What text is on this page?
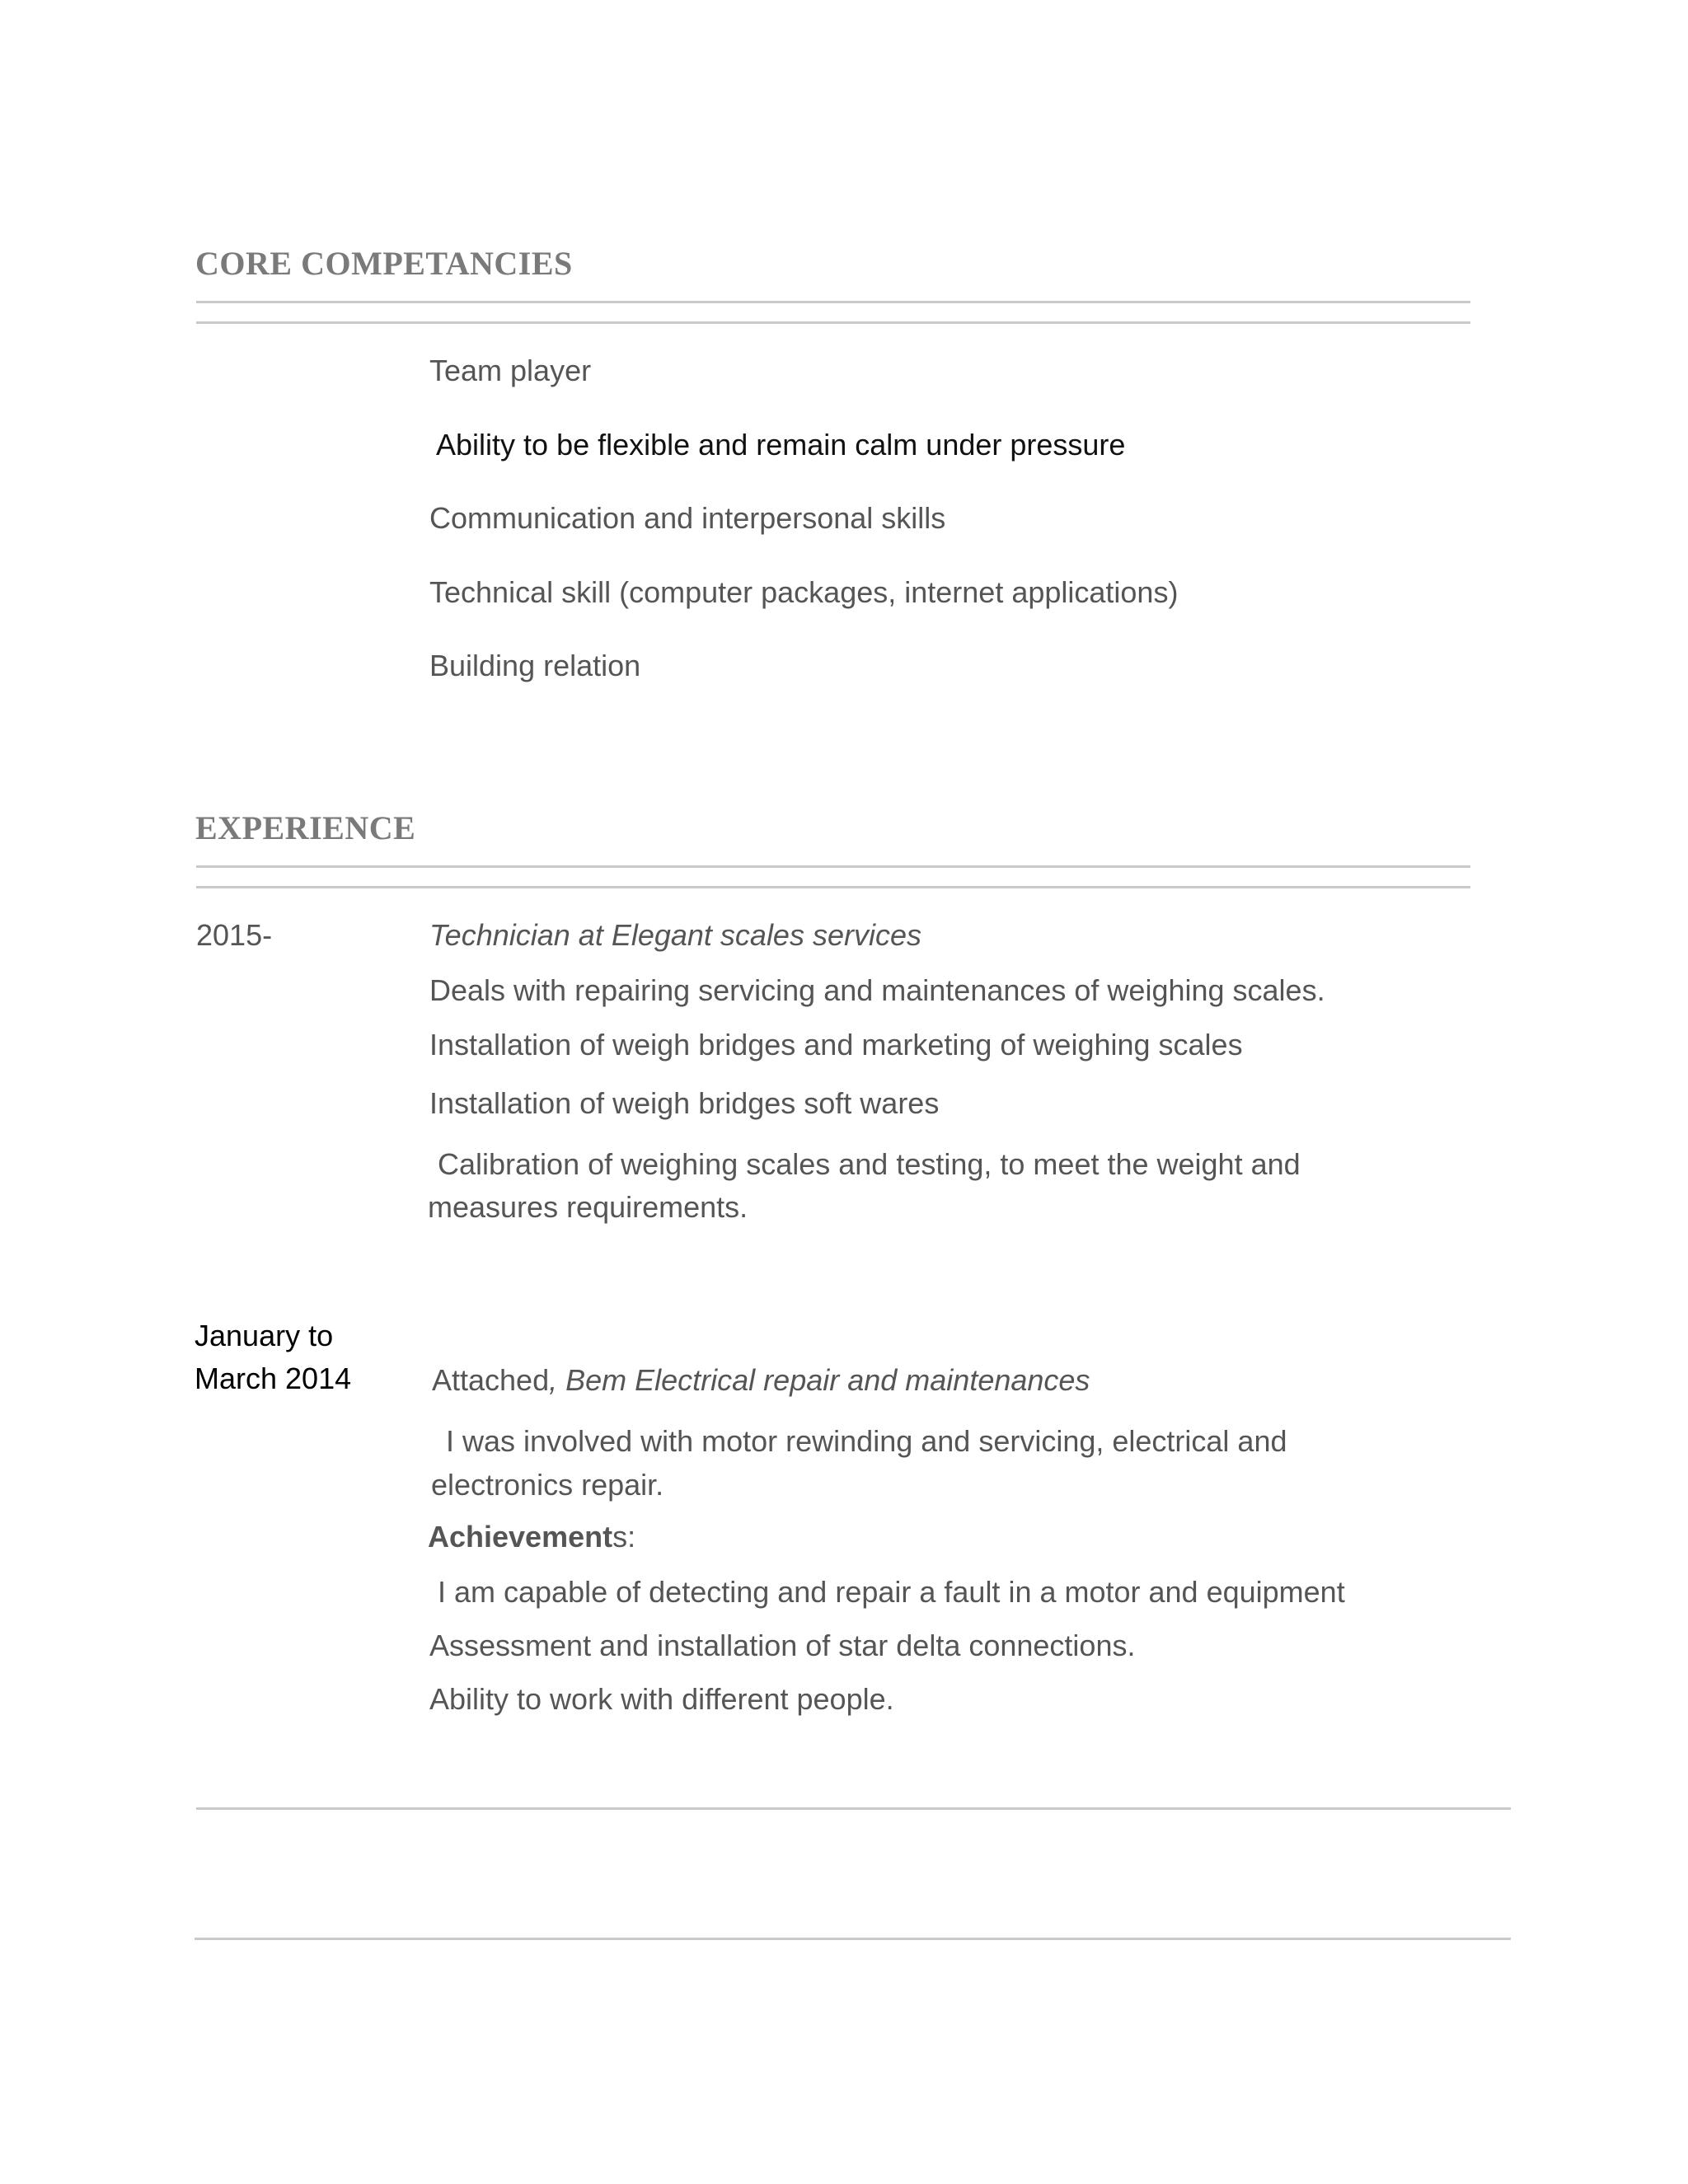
CORE COMPETANCIES
Team player
Ability to be flexible and remain calm under pressure
Communication and interpersonal skills
Technical skill (computer packages, internet applications)
Building relation
EXPERIENCE
2015-	Technician at Elegant scales services
Deals with repairing servicing and maintenances of weighing scales.
Installation of weigh bridges and marketing of weighing scales
Installation of weigh bridges soft wares
Calibration of weighing scales and testing, to meet the weight and
measures requirements.
January to
March 2014	Attached, Bem Electrical repair and maintenances
I was involved with motor rewinding and servicing, electrical and
electronics repair.
Achievements:
I am capable of detecting and repair a fault in a motor and equipment
Assessment and installation of star delta connections.
Ability to work with different people.
